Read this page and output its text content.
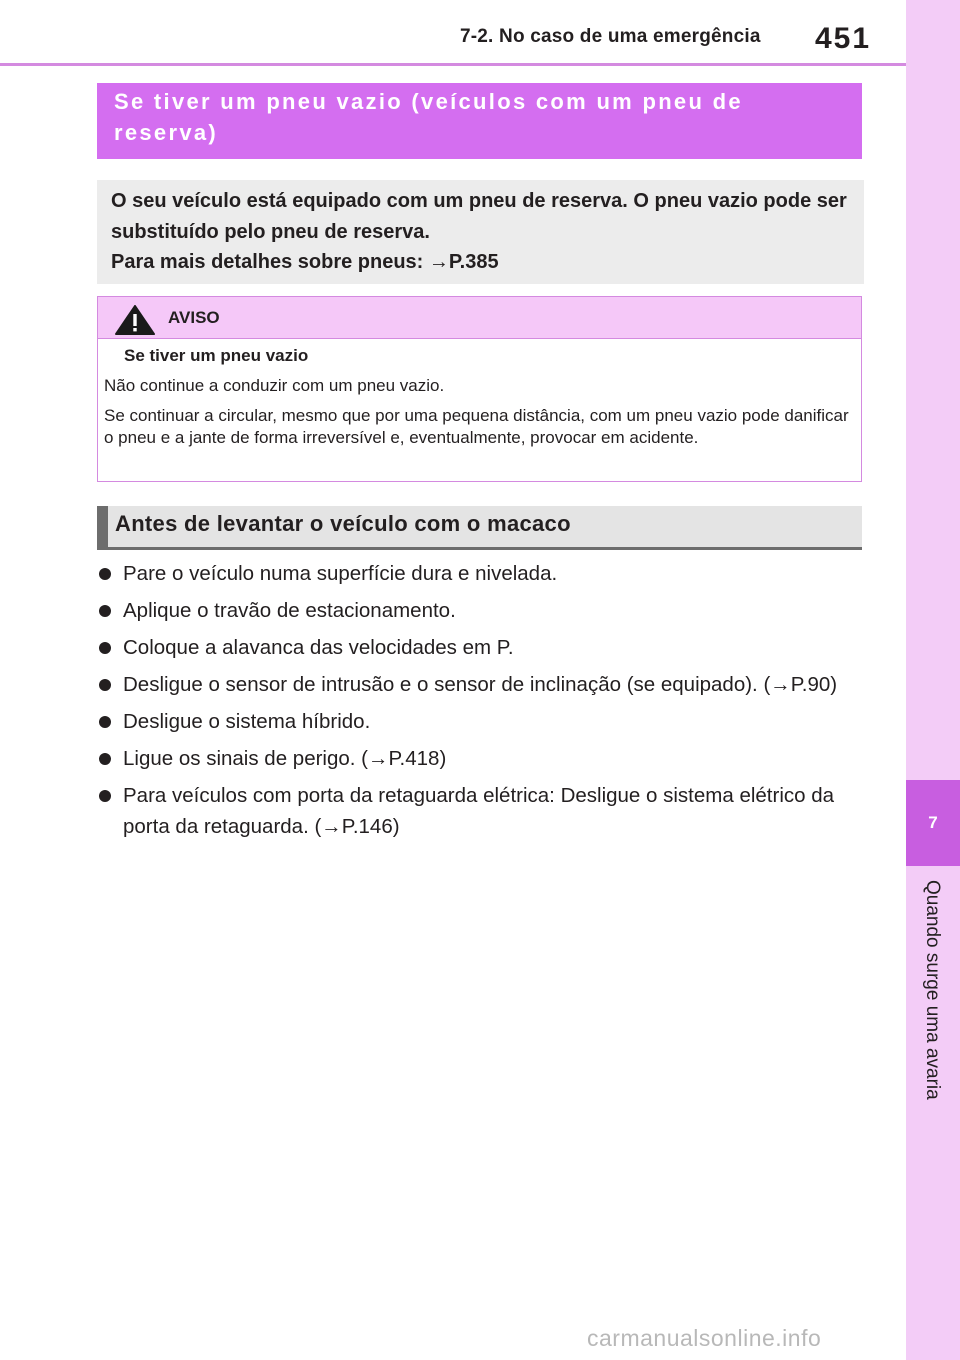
7-2. No caso de uma emergência 451
7
Quando surge uma avaria
Se tiver um pneu vazio (veículos com um pneu de reserva)
O seu veículo está equipado com um pneu de reserva. O pneu vazio pode ser substituído pelo pneu de reserva.
Para mais detalhes sobre pneus: →P.385
AVISO
Se tiver um pneu vazio

Não continue a conduzir com um pneu vazio.

Se continuar a circular, mesmo que por uma pequena distância, com um pneu vazio pode danificar o pneu e a jante de forma irreversível e, eventualmente, provocar em acidente.

Antes de levantar o veículo com o macaco
Pare o veículo numa superfície dura e nivelada.
Aplique o travão de estacionamento.
Coloque a alavanca das velocidades em P.
Desligue o sensor de intrusão e o sensor de inclinação (se equipado). (→P.90)
Desligue o sistema híbrido.
Ligue os sinais de perigo. (→P.418)
Para veículos com porta da retaguarda elétrica: Desligue o sistema elétrico da porta da retaguarda. (→P.146)
carmanualsonline.info
